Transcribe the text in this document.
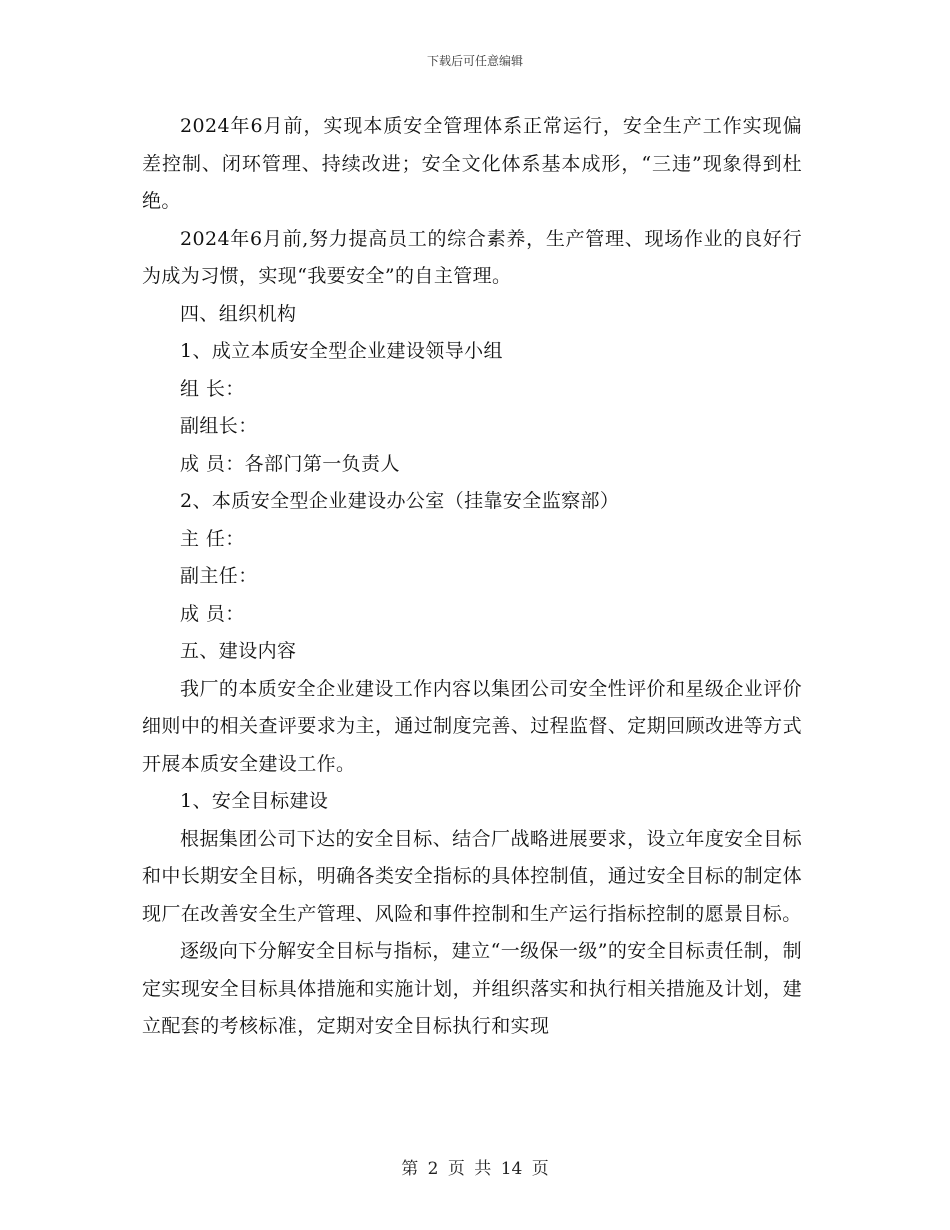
下载后可任意编辑

2024年6月前，实现本质安全管理体系正常运行，安全生产工作实现偏差控制、闭环管理、持续改进；安全文化体系基本成形，“三违”现象得到杜绝。

2024年6月前,努力提高员工的综合素养，生产管理、现场作业的良好行为成为习惯，实现“我要安全”的自主管理。

四、组织机构

1、成立本质安全型企业建设领导小组

组 长：

副组长：

成 员：各部门第一负责人

2、本质安全型企业建设办公室（挂靠安全监察部）

主 任：

副主任：

成 员：

五、建设内容

我厂的本质安全企业建设工作内容以集团公司安全性评价和星级企业评价细则中的相关查评要求为主，通过制度完善、过程监督、定期回顾改进等方式开展本质安全建设工作。

1、安全目标建设

根据集团公司下达的安全目标、结合厂战略进展要求，设立年度安全目标和中长期安全目标，明确各类安全指标的具体控制值，通过安全目标的制定体现厂在改善安全生产管理、风险和事件控制和生产运行指标控制的愿景目标。

逐级向下分解安全目标与指标，建立“一级保一级”的安全目标责任制，制定实现安全目标具体措施和实施计划，并组织落实和执行相关措施及计划，建立配套的考核标准，定期对安全目标执行和实现

第 2 页 共 14 页
